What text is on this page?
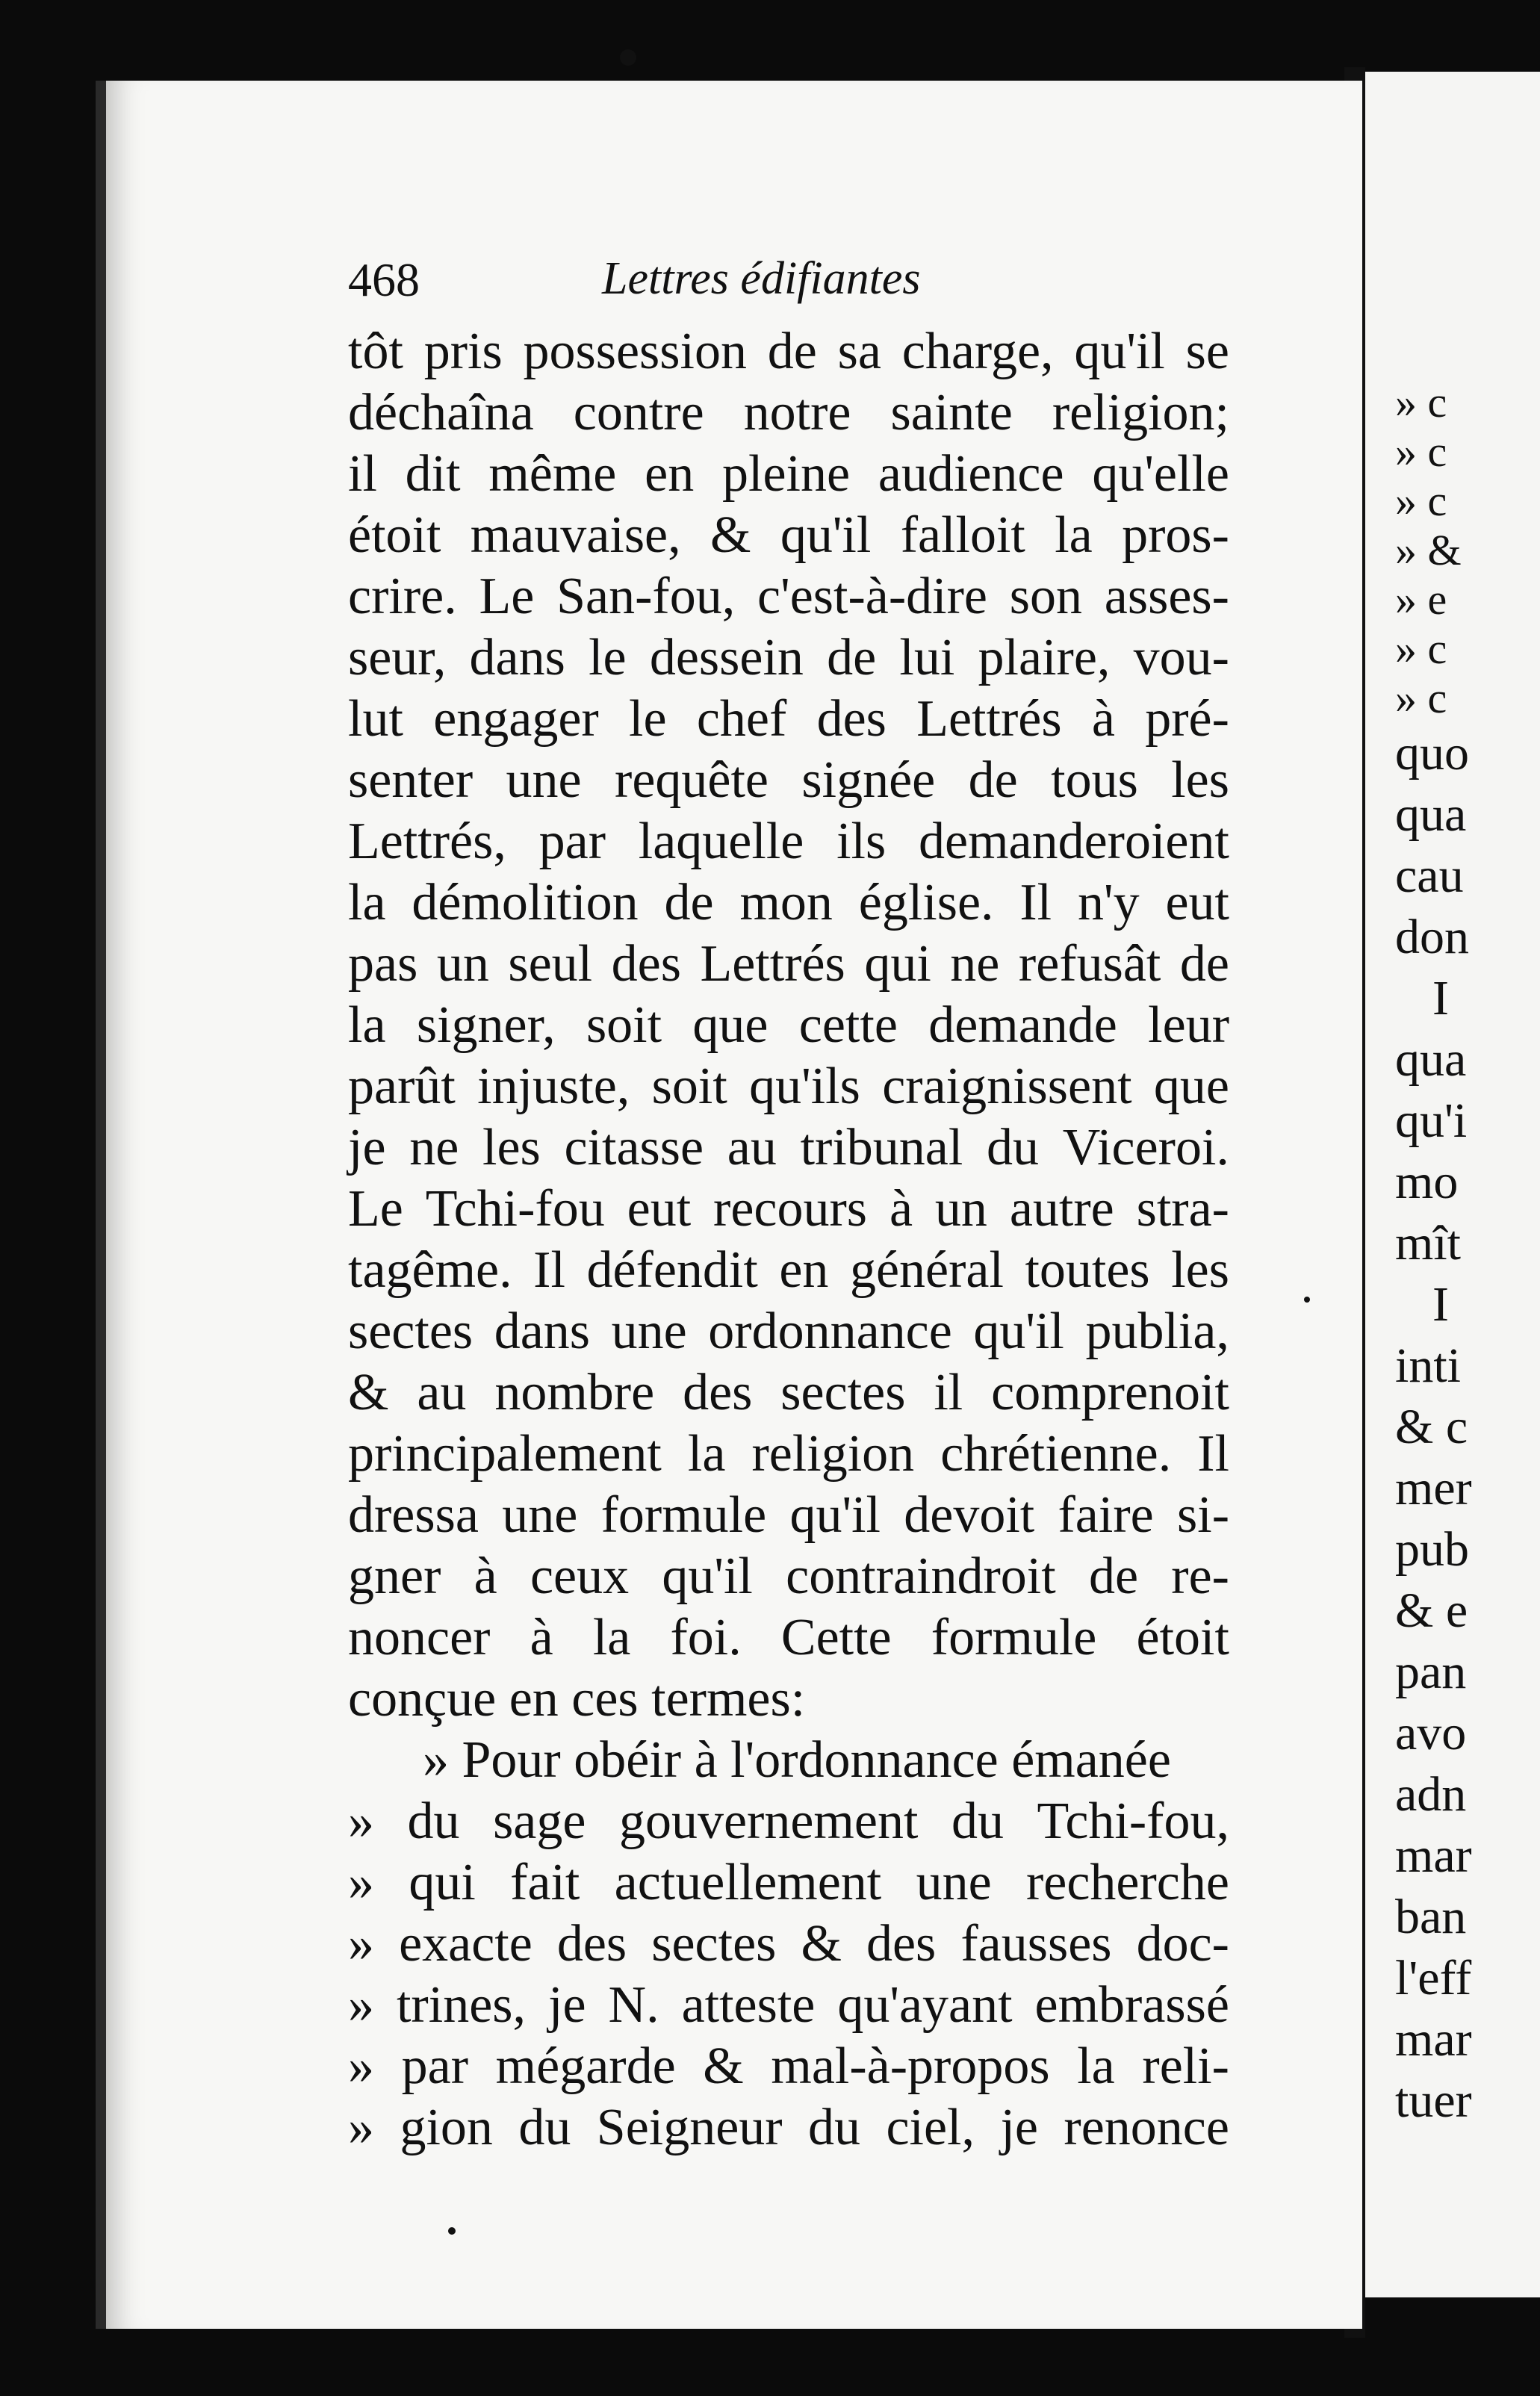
468	Lettres édifiantes
tôt pris possession de sa charge, qu'il se
déchaîna contre notre sainte religion;
il dit même en pleine audience qu'elle
étoit mauvaise, & qu'il falloit la pros-
crire. Le San-fou, c'est-à-dire son asses-
seur, dans le dessein de lui plaire, vou-
lut engager le chef des Lettrés à pré-
senter une requête signée de tous les
Lettrés, par laquelle ils demanderoient
la démolition de mon église. Il n'y eut
pas un seul des Lettrés qui ne refusât de
la signer, soit que cette demande leur
parût injuste, soit qu'ils craignissent que
je ne les citasse au tribunal du Viceroi.
Le Tchi-fou eut recours à un autre stra-
tagême. Il défendit en général toutes les
sectes dans une ordonnance qu'il publia,
& au nombre des sectes il comprenoit
principalement la religion chrétienne. Il
dressa une formule qu'il devoit faire si-
gner à ceux qu'il contraindroit de re-
noncer à la foi. Cette formule étoit
conçue en ces termes:
» Pour obéir à l'ordonnance émanée
» du sage gouvernement du Tchi-fou,
» qui fait actuellement une recherche
» exacte des sectes & des fausses doc-
» trines, je N. atteste qu'ayant embrassé
» par mégarde & mal-à-propos la reli-
» gion du Seigneur du ciel, je renonce
» c
» c
» c
» &
» e
» c
» c
quo
qua
cau
don
I
qua
qu'i
mo
mît
I
inti
& c
mer
pub
& e
pan
avo
adn
mar
ban
l'eff
mar
tuer
